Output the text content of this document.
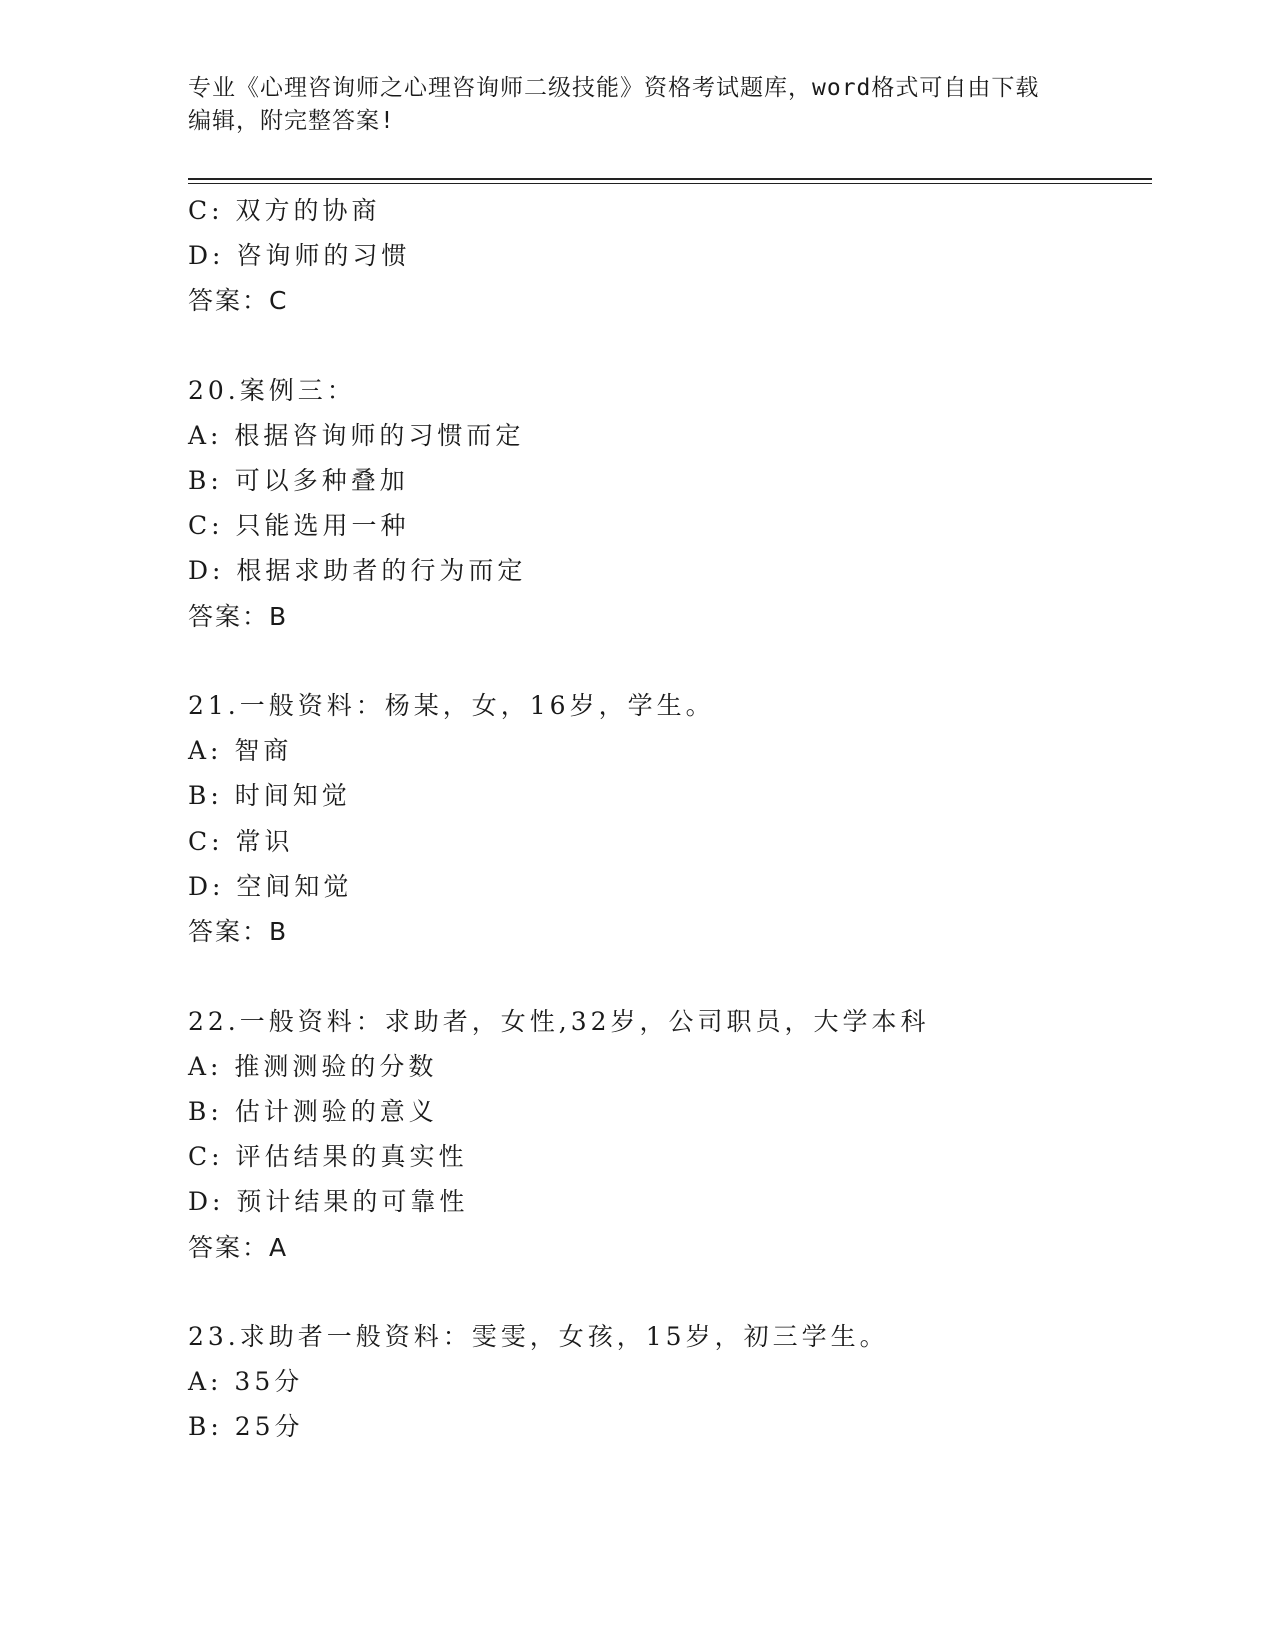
专业《心理咨询师之心理咨询师二级技能》资格考试题库，word格式可自由下载
编辑，附完整答案!
C: 双方的协商
D: 咨询师的习惯
答案：C
20.案例三：
A: 根据咨询师的习惯而定
B: 可以多种叠加
C: 只能选用一种
D: 根据求助者的行为而定
答案：B
21.一般资料：杨某，女，16岁，学生。
A: 智商
B: 时间知觉
C: 常识
D: 空间知觉
答案：B
22.一般资料：求助者，女性,32岁，公司职员，大学本科
A: 推测测验的分数
B: 估计测验的意义
C: 评估结果的真实性
D: 预计结果的可靠性
答案：A
23.求助者一般资料：雯雯，女孩，15岁，初三学生。
A: 35分
B: 25分
